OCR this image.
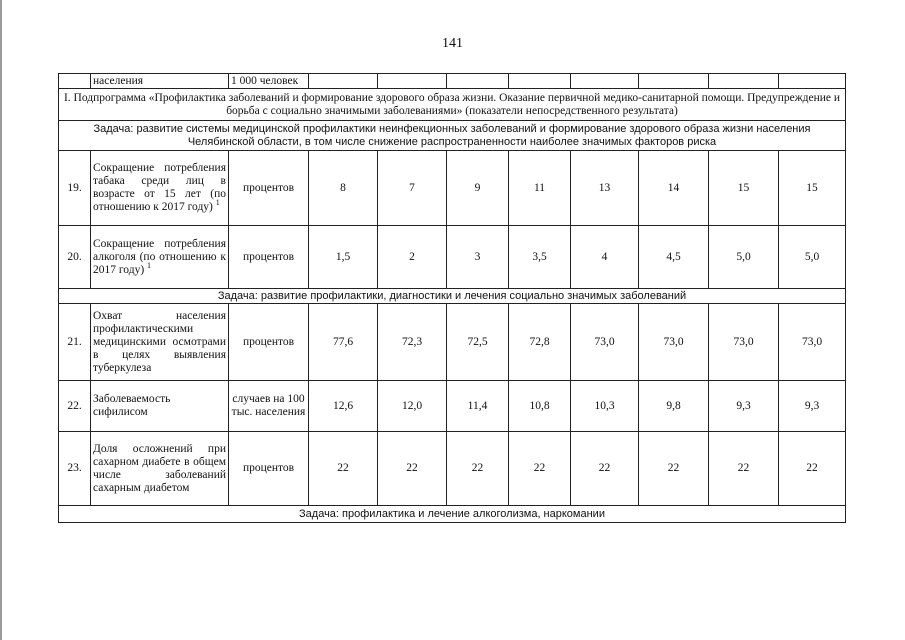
141
	населения	1 000 человек								
I. Подпрограмма «Профилактика заболеваний и формирование здорового образа жизни. Оказание первичной медико-санитарной помощи. Предупреждение и борьба с социально значимыми заболеваниями» (показатели непосредственного результата)										
Задача: развитие системы медицинской профилактики неинфекционных заболеваний и формирование здорового образа жизни населения Челябинской области, в том числе снижение распространенности наиболее значимых факторов риска										
19.	Сокращение потребления табака среди лиц в возрасте от 15 лет (по отношению к 2017 году) $^1$	процентов	8	7	9	11	13	14	15	15
20.	Сокращение потребления алкоголя (по отношению к 2017 году) $^1$	процентов	1,5	2	3	3,5	4	4,5	5,0	5,0
Задача: развитие профилактики, диагностики и лечения социально значимых заболеваний										
21.	Охват населения профилактическими медицинскими осмотрами в целях выявления туберкулеза	процентов	77,6	72,3	72,5	72,8	73,0	73,0	73,0	73,0
22.	Заболеваемость сифилисом	случаев на 100 тыс. населения	12,6	12,0	11,4	10,8	10,3	9,8	9,3	9,3
23.	Доля осложнений при сахарном диабете в общем числе заболеваний сахарным диабетом	процентов	22	22	22	22	22	22	22	22
Задача: профилактика и лечение алкоголизма, наркомании										
